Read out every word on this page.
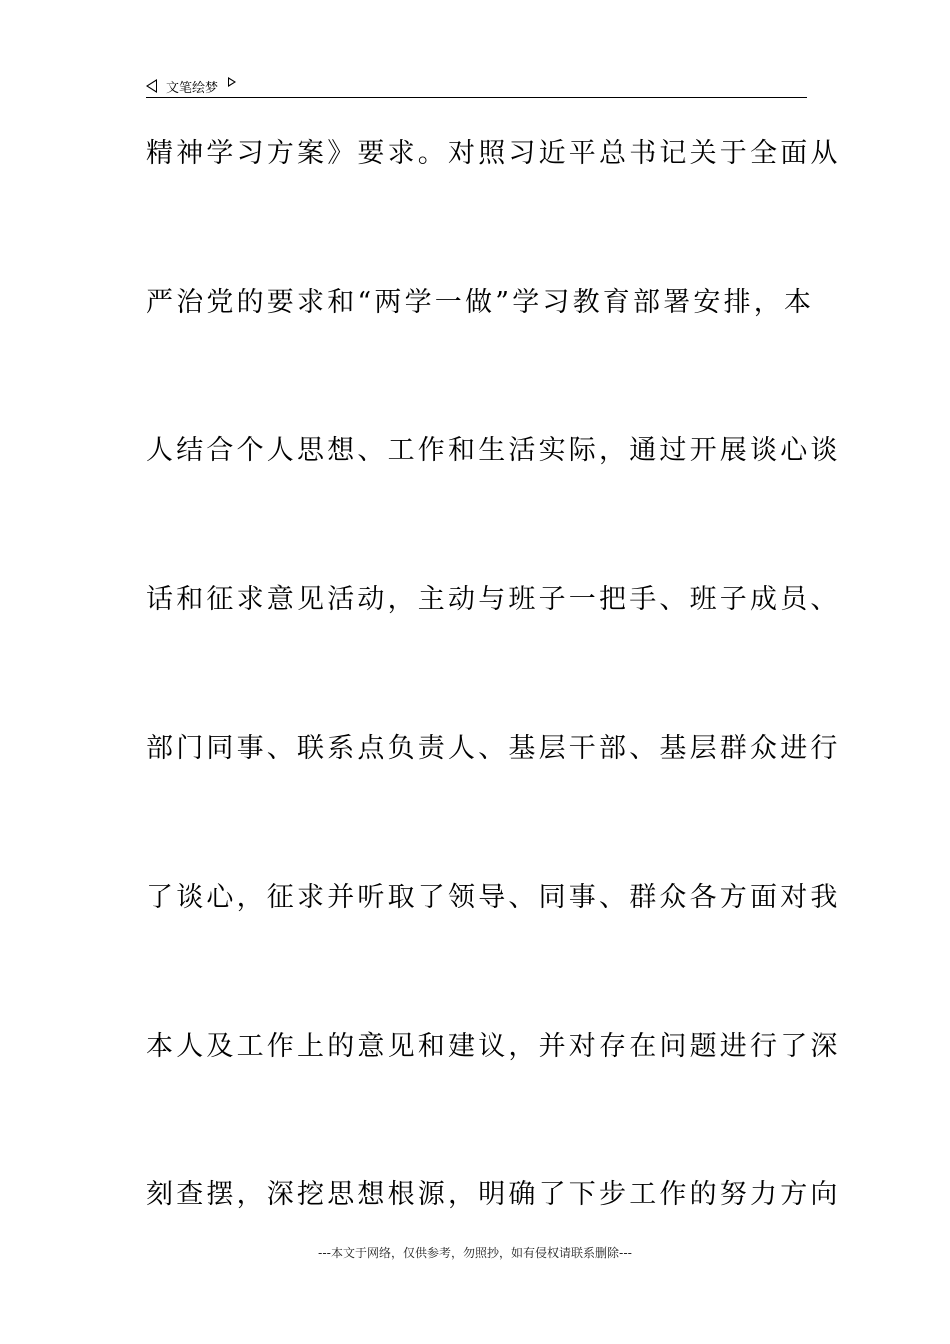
文笔绘梦
精神学习方案》要求。对照习近平总书记关于全面从
严治党的要求和“两学一做”学习教育部署安排，本
人结合个人思想、工作和生活实际，通过开展谈心谈
话和征求意见活动，主动与班子一把手、班子成员、
部门同事、联系点负责人、基层干部、基层群众进行
了谈心，征求并听取了领导、同事、群众各方面对我
本人及工作上的意见和建议，并对存在问题进行了深
刻查摆，深挖思想根源，明确了下步工作的努力方向
---本文于网络，仅供参考，勿照抄，如有侵权请联系删除---
